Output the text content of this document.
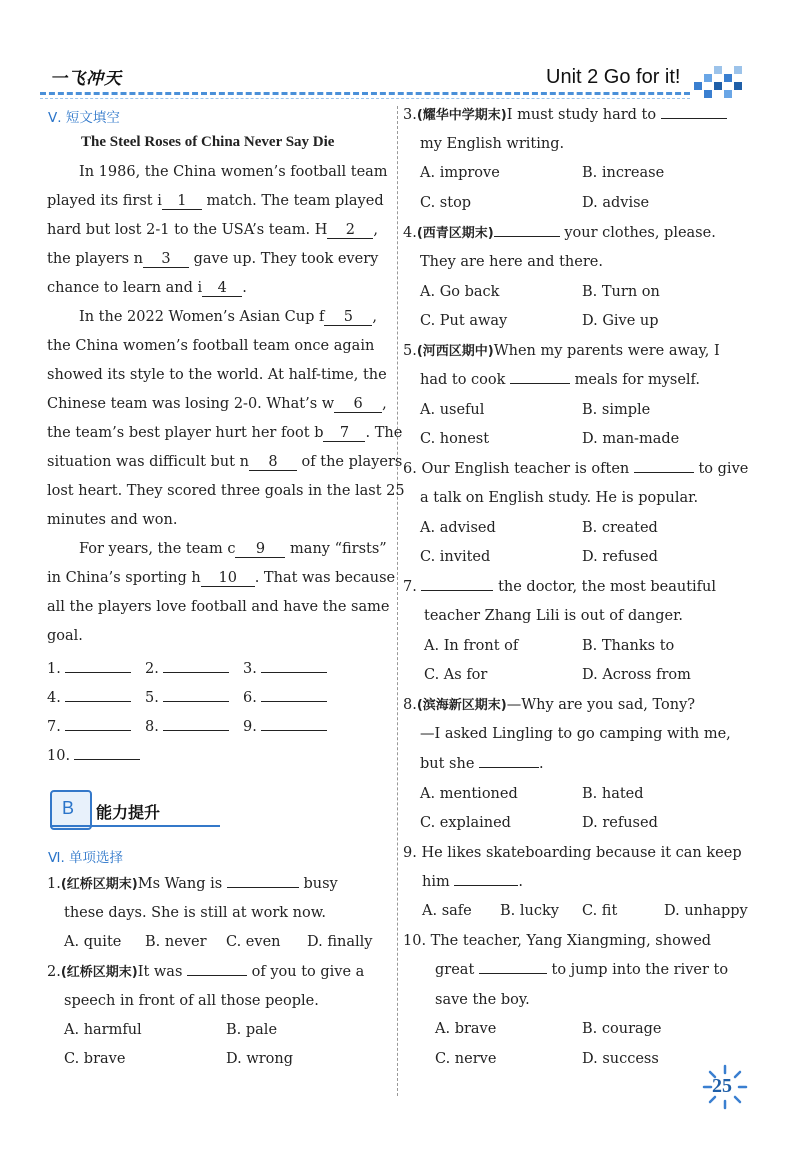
一飞冲天	Unit 2 Go for it!
Ⅴ. 短文填空
The Steel Roses of China Never Say Die
In 1986, the China women’s football team
played its first i 1 match. The team played
hard but lost 2-1 to the USA’s team. H 2 ,
the players n 3 gave up. They took every
chance to learn and i 4 .
In the 2022 Women’s Asian Cup f 5 ,
the China women’s football team once again
showed its style to the world. At half-time, the
Chinese team was losing 2-0. What’s w 6 ,
the team’s best player hurt her foot b 7 . The
situation was difficult but n 8 of the players
lost heart. They scored three goals in the last 25
minutes and won.
For years, the team c 9 many “firsts”
in China’s sporting h 10 . That was because
all the players love football and have the same
goal.
1.	2.	3.
4.	5.	6.
7.	8.	9.
10.
B 能力提升
Ⅵ. 单项选择
1.(红桥区期末)Ms Wang is	busy
these days. She is still at work now.
A. quite B. never C. even D. finally
2.(红桥区期末)It was	of you to give a
speech in front of all those people.
A. harmful	B. pale
C. brave	D. wrong
3.(耀华中学期末)I must study hard to
my English writing.
A. improve	B. increase
C. stop	D. advise
4.(西青区期末)	your clothes, please.
They are here and there.
A. Go back	B. Turn on
C. Put away	D. Give up
5.(河西区期中)When my parents were away, I
had to cook	meals for myself.
A. useful	B. simple
C. honest	D. man-made
6. Our English teacher is often	to give
a talk on English study. He is popular.
A. advised	B. created
C. invited	D. refused
7.	the doctor, the most beautiful
teacher Zhang Lili is out of danger.
A. In front of	B. Thanks to
C. As for	D. Across from
8.(滨海新区期末)—Why are you sad, Tony?
—I asked Lingling to go camping with me,
but she	.
A. mentioned	B. hated
C. explained	D. refused
9. He likes skateboarding because it can keep
him	.
A. safe B. lucky C. fit	D. unhappy
10. The teacher, Yang Xiangming, showed
great	to jump into the river to
save the boy.
A. brave	B. courage
C. nerve	D. success
25
